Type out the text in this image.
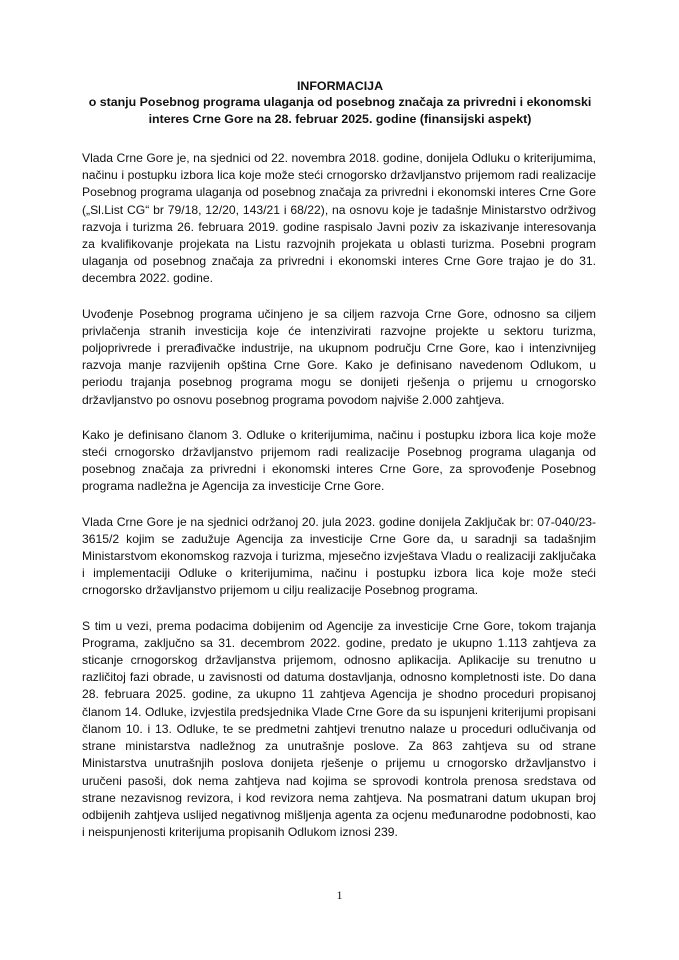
INFORMACIJA
o stanju Posebnog programa ulaganja od posebnog značaja za privredni i ekonomski interes Crne Gore na 28. februar 2025. godine (finansijski aspekt)

Vlada Crne Gore je, na sjednici od 22. novembra 2018. godine, donijela Odluku o kriterijumima, načinu i postupku izbora lica koje može steći crnogorsko državljanstvo prijemom radi realizacije Posebnog programa ulaganja od posebnog značaja za privredni i ekonomski interes Crne Gore („Sl.List CG“ br 79/18, 12/20, 143/21 i 68/22), na osnovu koje je tadašnje Ministarstvo održivog razvoja i turizma 26. februara 2019. godine raspisalo Javni poziv za iskazivanje interesovanja za kvalifikovanje projekata na Listu razvojnih projekata u oblasti turizma. Posebni program ulaganja od posebnog značaja za privredni i ekonomski interes Crne Gore trajao je do 31. decembra 2022. godine.

Uvođenje Posebnog programa učinjeno je sa ciljem razvoja Crne Gore, odnosno sa ciljem privlačenja stranih investicija koje će intenzivirati razvojne projekte u sektoru turizma, poljoprivrede i prerađivačke industrije, na ukupnom području Crne Gore, kao i intenzivnijeg razvoja manje razvijenih opština Crne Gore. Kako je definisano navedenom Odlukom, u periodu trajanja posebnog programa mogu se donijeti rješenja o prijemu u crnogorsko državljanstvo po osnovu posebnog programa povodom najviše 2.000 zahtjeva.

Kako je definisano članom 3. Odluke o kriterijumima, načinu i postupku izbora lica koje može steći crnogorsko državljanstvo prijemom radi realizacije Posebnog programa ulaganja od posebnog značaja za privredni i ekonomski interes Crne Gore, za sprovođenje Posebnog programa nadležna je Agencija za investicije Crne Gore.

Vlada Crne Gore je na sjednici održanoj 20. jula 2023. godine donijela Zaključak br: 07-040/23-3615/2 kojim se zadužuje Agencija za investicije Crne Gore da, u saradnji sa tadašnjim Ministarstvom ekonomskog razvoja i turizma, mjesečno izvještava Vladu o realizaciji zaključaka i implementaciji Odluke o kriterijumima, načinu i postupku izbora lica koje može steći crnogorsko državljanstvo prijemom u cilju realizacije Posebnog programa.

S tim u vezi, prema podacima dobijenim od Agencije za investicije Crne Gore, tokom trajanja Programa, zaključno sa 31. decembrom 2022. godine, predato je ukupno 1.113 zahtjeva za sticanje crnogorskog državljanstva prijemom, odnosno aplikacija. Aplikacije su trenutno u različitoj fazi obrade, u zavisnosti od datuma dostavljanja, odnosno kompletnosti iste. Do dana 28. februara 2025. godine, za ukupno 11 zahtjeva Agencija je shodno proceduri propisanoj članom 14. Odluke, izvjestila predsjednika Vlade Crne Gore da su ispunjeni kriterijumi propisani članom 10. i 13. Odluke, te se predmetni zahtjevi trenutno nalaze u proceduri odlučivanja od strane ministarstva nadležnog za unutrašnje poslove. Za 863 zahtjeva su od strane Ministarstva unutrašnjih poslova donijeta rješenje o prijemu u crnogorsko državljanstvo i uručeni pasoši, dok nema zahtjeva nad kojima se sprovodi kontrola prenosa sredstava od strane nezavisnog revizora, i kod revizora nema zahtjeva. Na posmatrani datum ukupan broj odbijenih zahtjeva uslijed negativnog mišljenja agenta za ocjenu međunarodne podobnosti, kao i neispunjenosti kriterijuma propisanih Odlukom iznosi 239.

1
